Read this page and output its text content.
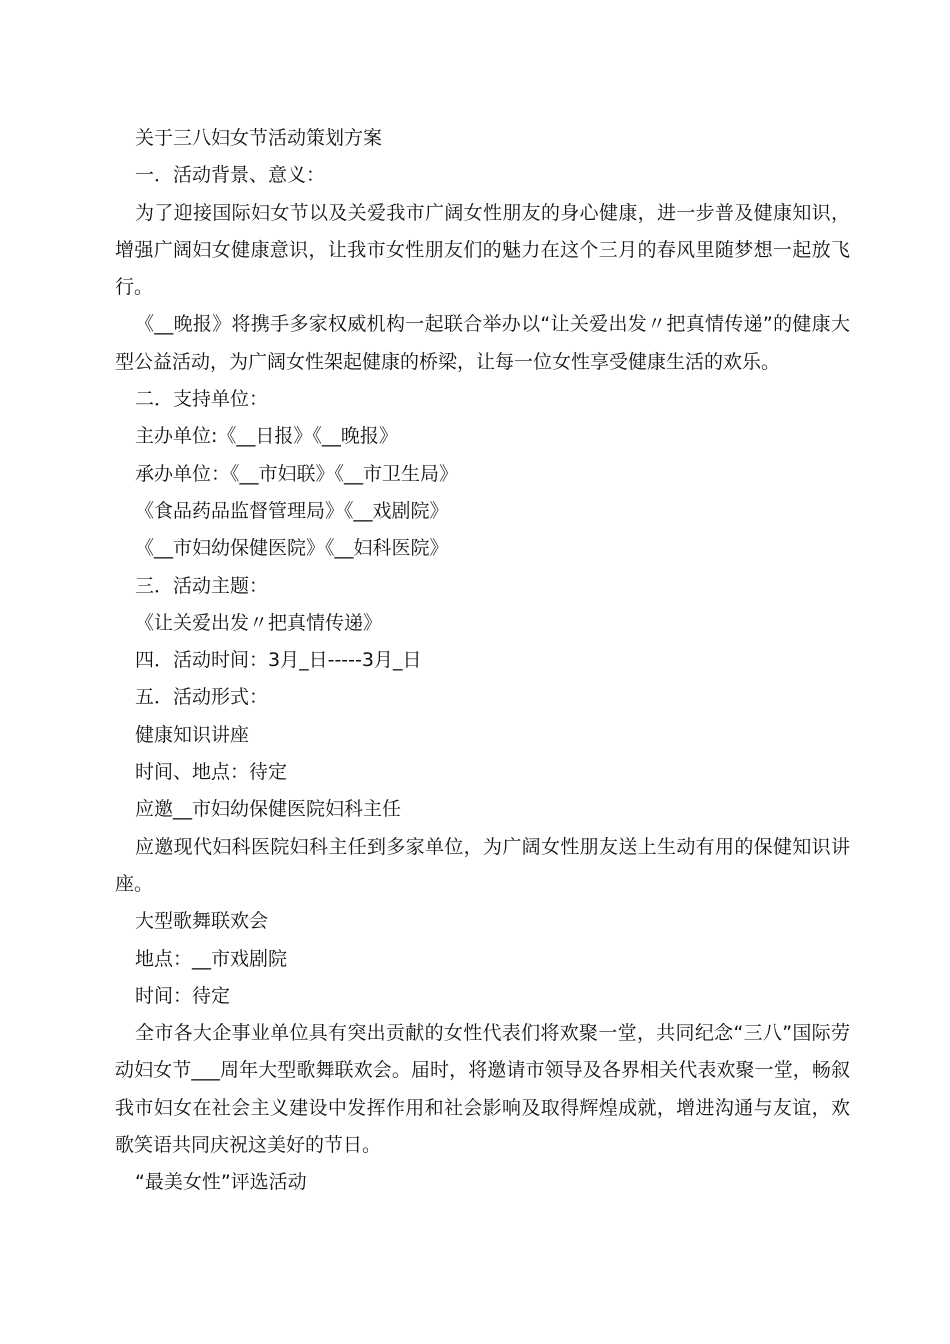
关于三八妇女节活动策划方案
一．活动背景、意义：
为了迎接国际妇女节以及关爱我市广阔女性朋友的身心健康，进一步普及健康知识，增强广阔妇女健康意识，让我市女性朋友们的魅力在这个三月的春风里随梦想一起放飞行。
《__晚报》将携手多家权威机构一起联合举办以“让关爱出发〃把真情传递”的健康大型公益活动，为广阔女性架起健康的桥梁，让每一位女性享受健康生活的欢乐。
二．支持单位：
主办单位:《__日报》《__晚报》
承办单位：《__市妇联》《__市卫生局》
《食品药品监督管理局》《__戏剧院》
《__市妇幼保健医院》《__妇科医院》
三．活动主题：
《让关爱出发〃把真情传递》
四．活动时间：3月_日-----3月_日
五．活动形式：
健康知识讲座
时间、地点：待定
应邀__市妇幼保健医院妇科主任
应邀现代妇科医院妇科主任到多家单位，为广阔女性朋友送上生动有用的保健知识讲座。
大型歌舞联欢会
地点：__市戏剧院
时间：待定
全市各大企事业单位具有突出贡献的女性代表们将欢聚一堂，共同纪念“三八”国际劳动妇女节___周年大型歌舞联欢会。届时，将邀请市领导及各界相关代表欢聚一堂，畅叙我市妇女在社会主义建设中发挥作用和社会影响及取得辉煌成就，增进沟通与友谊，欢歌笑语共同庆祝这美好的节日。
“最美女性”评选活动
